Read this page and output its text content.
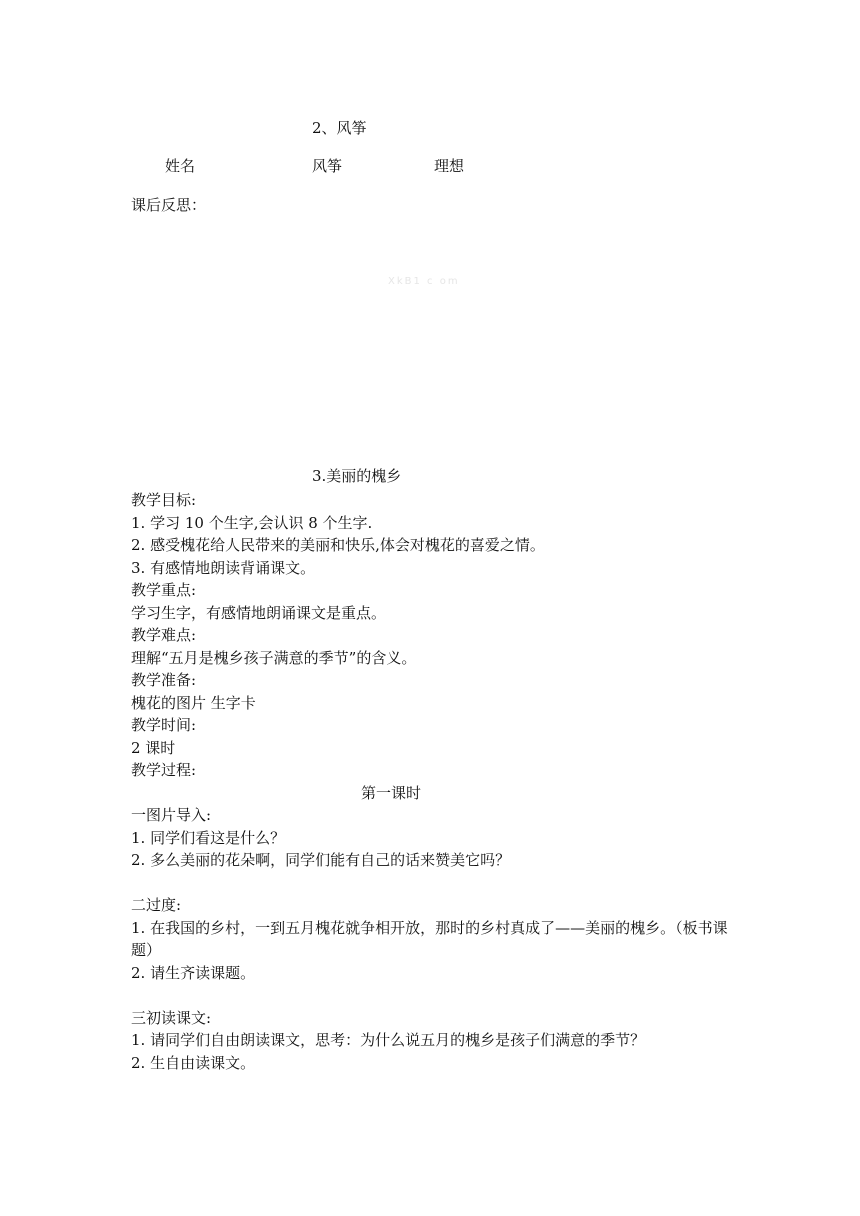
2、风筝
姓名	风筝	理想
课后反思：
XkB1 c om
3.美丽的槐乡
教学目标:
1. 学习 10 个生字,会认识 8 个生字.
2. 感受槐花给人民带来的美丽和快乐,体会对槐花的喜爱之情。
3. 有感情地朗读背诵课文。
教学重点:
学习生字，有感情地朗诵课文是重点。
教学难点:
理解“五月是槐乡孩子满意的季节”的含义。
教学准备:
槐花的图片 生字卡
教学时间:
2 课时
教学过程:
第一课时
一图片导入:
1. 同学们看这是什么？
2. 多么美丽的花朵啊，同学们能有自己的话来赞美它吗？
二过度:
1. 在我国的乡村，一到五月槐花就争相开放，那时的乡村真成了——美丽的槐乡。（板书课题）
2. 请生齐读课题。
三初读课文:
1. 请同学们自由朗读课文，思考：为什么说五月的槐乡是孩子们满意的季节？
2. 生自由读课文。
